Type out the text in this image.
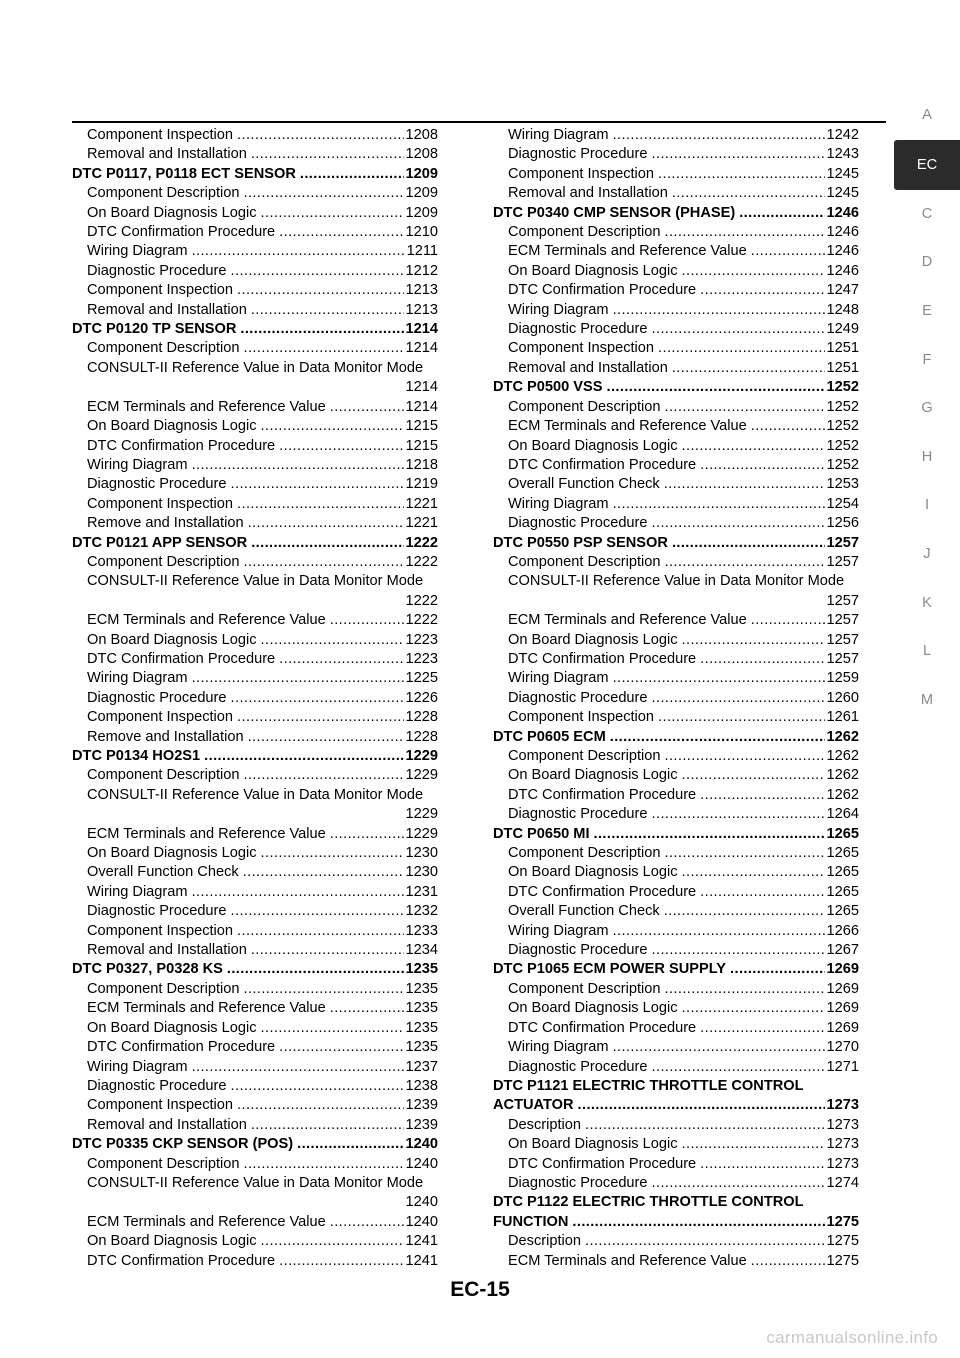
Component Inspection .....	1208
Removal and Installation .....	1208
DTC P0117, P0118 ECT SENSOR .....	1209
Component Description .....	1209
On Board Diagnosis Logic .....	1209
DTC Confirmation Procedure .....	1210
Wiring Diagram .....	1211
Diagnostic Procedure .....	1212
Component Inspection .....	1213
Removal and Installation .....	1213
DTC P0120 TP SENSOR .....	1214
Component Description .....	1214
CONSULT-II Reference Value in Data Monitor Mode
1214
ECM Terminals and Reference Value .....	1214
On Board Diagnosis Logic .....	1215
DTC Confirmation Procedure .....	1215
Wiring Diagram .....	1218
Diagnostic Procedure .....	1219
Component Inspection .....	1221
Remove and Installation .....	1221
DTC P0121 APP SENSOR .....	1222
Component Description .....	1222
CONSULT-II Reference Value in Data Monitor Mode
1222
ECM Terminals and Reference Value .....	1222
On Board Diagnosis Logic .....	1223
DTC Confirmation Procedure .....	1223
Wiring Diagram .....	1225
Diagnostic Procedure .....	1226
Component Inspection .....	1228
Remove and Installation .....	1228
DTC P0134 HO2S1 .....	1229
Component Description .....	1229
CONSULT-II Reference Value in Data Monitor Mode
1229
ECM Terminals and Reference Value .....	1229
On Board Diagnosis Logic .....	1230
Overall Function Check .....	1230
Wiring Diagram .....	1231
Diagnostic Procedure .....	1232
Component Inspection .....	1233
Removal and Installation .....	1234
DTC P0327, P0328 KS .....	1235
Component Description .....	1235
ECM Terminals and Reference Value .....	1235
On Board Diagnosis Logic .....	1235
DTC Confirmation Procedure .....	1235
Wiring Diagram .....	1237
Diagnostic Procedure .....	1238
Component Inspection .....	1239
Removal and Installation .....	1239
DTC P0335 CKP SENSOR (POS) .....	1240
Component Description .....	1240
CONSULT-II Reference Value in Data Monitor Mode
1240
ECM Terminals and Reference Value .....	1240
On Board Diagnosis Logic .....	1241
DTC Confirmation Procedure .....	1241
Wiring Diagram .....	1242
Diagnostic Procedure .....	1243
Component Inspection .....	1245
Removal and Installation .....	1245
DTC P0340 CMP SENSOR (PHASE) .....	1246
Component Description .....	1246
ECM Terminals and Reference Value .....	1246
On Board Diagnosis Logic .....	1246
DTC Confirmation Procedure .....	1247
Wiring Diagram .....	1248
Diagnostic Procedure .....	1249
Component Inspection .....	1251
Removal and Installation .....	1251
DTC P0500 VSS .....	1252
Component Description .....	1252
ECM Terminals and Reference Value .....	1252
On Board Diagnosis Logic .....	1252
DTC Confirmation Procedure .....	1252
Overall Function Check .....	1253
Wiring Diagram .....	1254
Diagnostic Procedure .....	1256
DTC P0550 PSP SENSOR .....	1257
Component Description .....	1257
CONSULT-II Reference Value in Data Monitor Mode
1257
ECM Terminals and Reference Value .....	1257
On Board Diagnosis Logic .....	1257
DTC Confirmation Procedure .....	1257
Wiring Diagram .....	1259
Diagnostic Procedure .....	1260
Component Inspection .....	1261
DTC P0605 ECM .....	1262
Component Description .....	1262
On Board Diagnosis Logic .....	1262
DTC Confirmation Procedure .....	1262
Diagnostic Procedure .....	1264
DTC P0650 MI .....	1265
Component Description .....	1265
On Board Diagnosis Logic .....	1265
DTC Confirmation Procedure .....	1265
Overall Function Check .....	1265
Wiring Diagram .....	1266
Diagnostic Procedure .....	1267
DTC P1065 ECM POWER SUPPLY .....	1269
Component Description .....	1269
On Board Diagnosis Logic .....	1269
DTC Confirmation Procedure .....	1269
Wiring Diagram .....	1270
Diagnostic Procedure .....	1271
DTC P1121 ELECTRIC THROTTLE CONTROL
ACTUATOR .....	1273
Description .....	1273
On Board Diagnosis Logic .....	1273
DTC Confirmation Procedure .....	1273
Diagnostic Procedure .....	1274
DTC P1122 ELECTRIC THROTTLE CONTROL
FUNCTION .....	1275
Description .....	1275
ECM Terminals and Reference Value .....	1275
A
EC
C
D
E
F
G
H
I
J
K
L
M
EC-15
carmanualsonline.info
